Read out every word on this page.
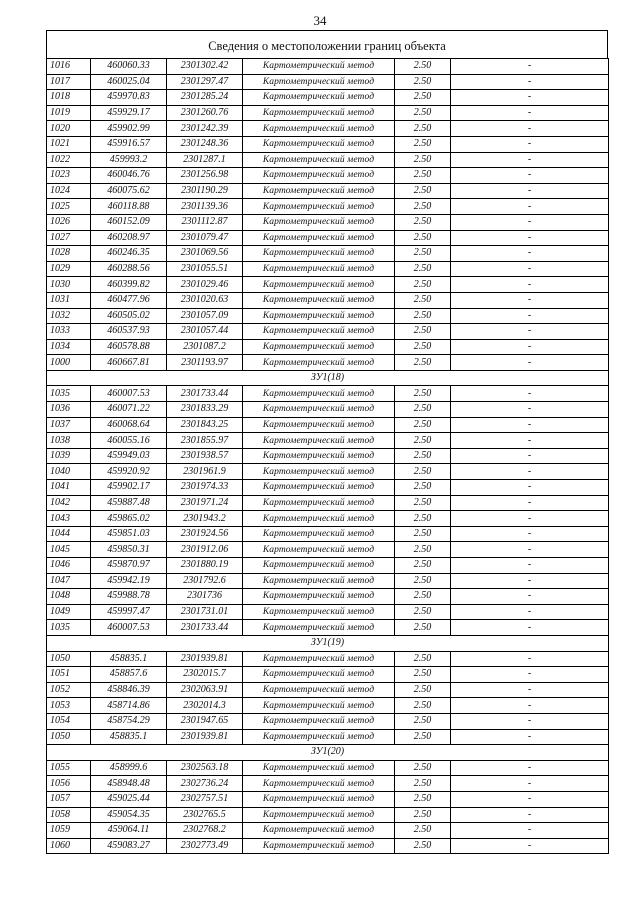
34
Сведения о местоположении границ объекта
1016	460060.33	2301302.42	Картометрический метод	2.50	-
1017	460025.04	2301297.47	Картометрический метод	2.50	-
1018	459970.83	2301285.24	Картометрический метод	2.50	-
1019	459929.17	2301260.76	Картометрический метод	2.50	-
1020	459902.99	2301242.39	Картометрический метод	2.50	-
1021	459916.57	2301248.36	Картометрический метод	2.50	-
1022	459993.2	2301287.1	Картометрический метод	2.50	-
1023	460046.76	2301256.98	Картометрический метод	2.50	-
1024	460075.62	2301190.29	Картометрический метод	2.50	-
1025	460118.88	2301139.36	Картометрический метод	2.50	-
1026	460152.09	2301112.87	Картометрический метод	2.50	-
1027	460208.97	2301079.47	Картометрический метод	2.50	-
1028	460246.35	2301069.56	Картометрический метод	2.50	-
1029	460288.56	2301055.51	Картометрический метод	2.50	-
1030	460399.82	2301029.46	Картометрический метод	2.50	-
1031	460477.96	2301020.63	Картометрический метод	2.50	-
1032	460505.02	2301057.09	Картометрический метод	2.50	-
1033	460537.93	2301057.44	Картометрический метод	2.50	-
1034	460578.88	2301087.2	Картометрический метод	2.50	-
1000	460667.81	2301193.97	Картометрический метод	2.50	-
ЗУ1(18)					
1035	460007.53	2301733.44	Картометрический метод	2.50	-
1036	460071.22	2301833.29	Картометрический метод	2.50	-
1037	460068.64	2301843.25	Картометрический метод	2.50	-
1038	460055.16	2301855.97	Картометрический метод	2.50	-
1039	459949.03	2301938.57	Картометрический метод	2.50	-
1040	459920.92	2301961.9	Картометрический метод	2.50	-
1041	459902.17	2301974.33	Картометрический метод	2.50	-
1042	459887.48	2301971.24	Картометрический метод	2.50	-
1043	459865.02	2301943.2	Картометрический метод	2.50	-
1044	459851.03	2301924.56	Картометрический метод	2.50	-
1045	459850.31	2301912.06	Картометрический метод	2.50	-
1046	459870.97	2301880.19	Картометрический метод	2.50	-
1047	459942.19	2301792.6	Картометрический метод	2.50	-
1048	459988.78	2301736	Картометрический метод	2.50	-
1049	459997.47	2301731.01	Картометрический метод	2.50	-
1035	460007.53	2301733.44	Картометрический метод	2.50	-
ЗУ1(19)					
1050	458835.1	2301939.81	Картометрический метод	2.50	-
1051	458857.6	2302015.7	Картометрический метод	2.50	-
1052	458846.39	2302063.91	Картометрический метод	2.50	-
1053	458714.86	2302014.3	Картометрический метод	2.50	-
1054	458754.29	2301947.65	Картометрический метод	2.50	-
1050	458835.1	2301939.81	Картометрический метод	2.50	-
ЗУ1(20)					
1055	458999.6	2302563.18	Картометрический метод	2.50	-
1056	458948.48	2302736.24	Картометрический метод	2.50	-
1057	459025.44	2302757.51	Картометрический метод	2.50	-
1058	459054.35	2302765.5	Картометрический метод	2.50	-
1059	459064.11	2302768.2	Картометрический метод	2.50	-
1060	459083.27	2302773.49	Картометрический метод	2.50	-
